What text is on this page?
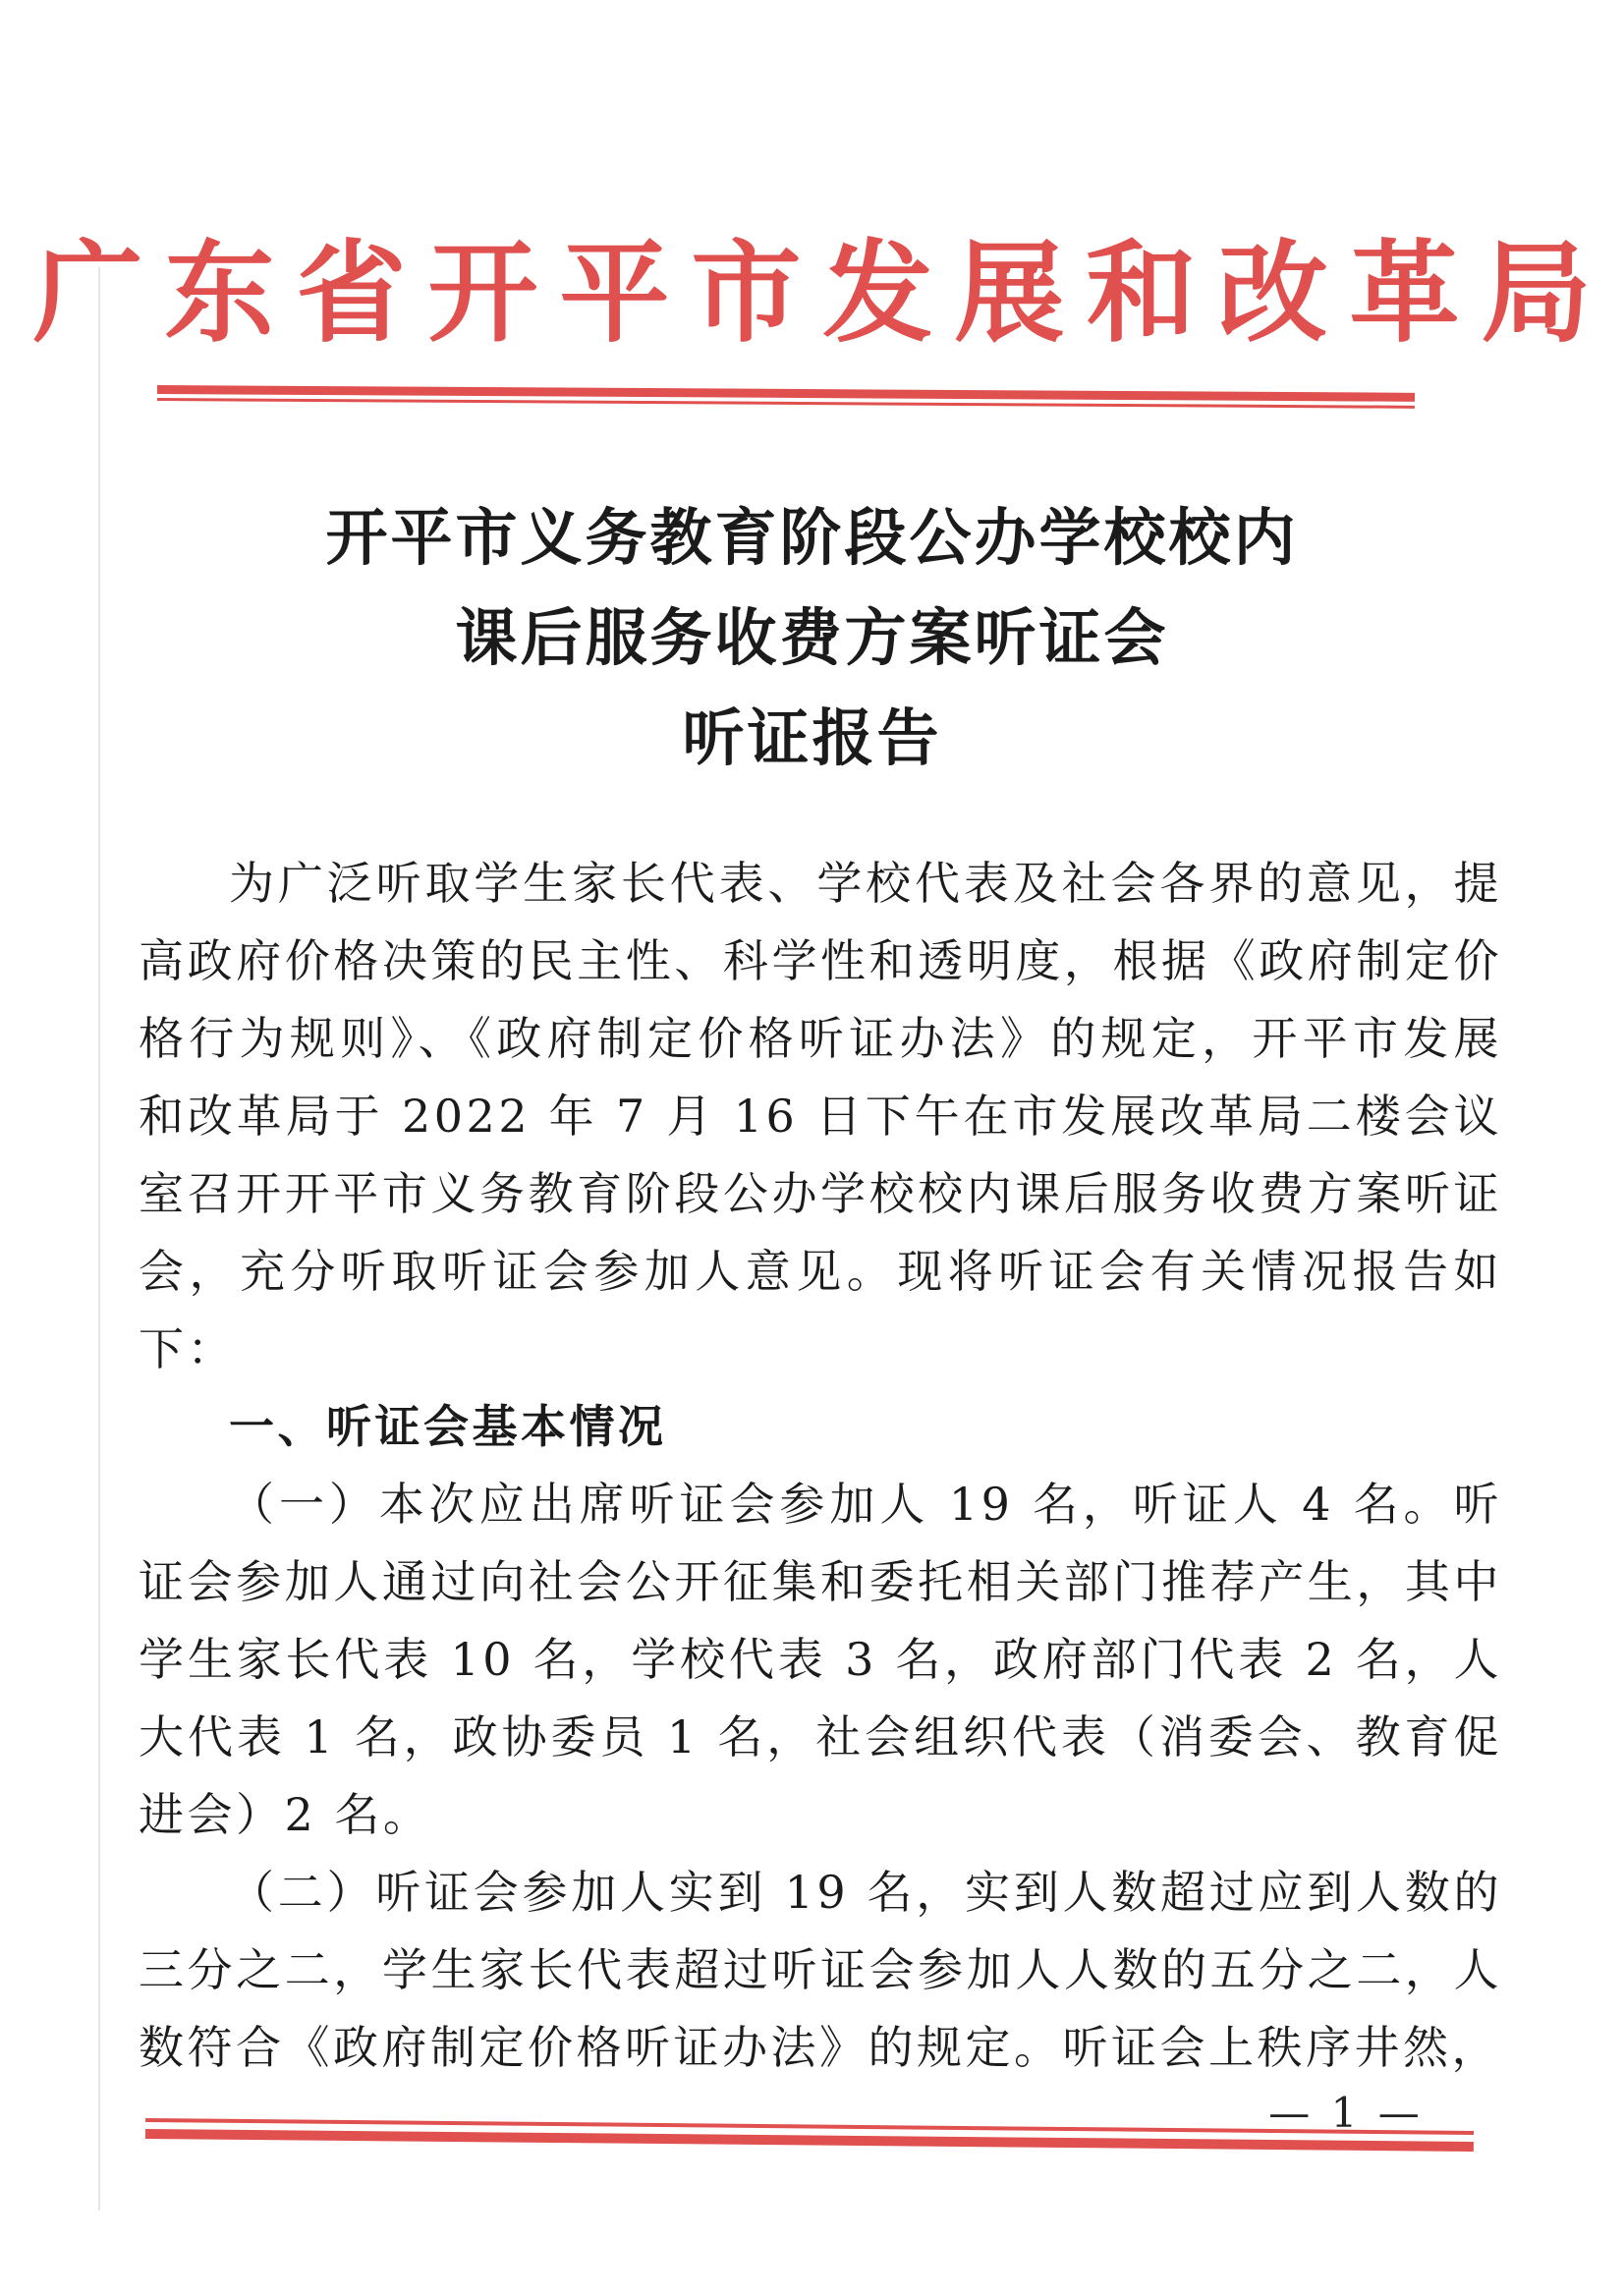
广东省开平市发展和改革局
开平市义务教育阶段公办学校校内
课后服务收费方案听证会
听证报告

为广泛听取学生家长代表、学校代表及社会各界的意见，提高政府价格决策的民主性、科学性和透明度，根据《政府制定价格行为规则》、《政府制定价格听证办法》的规定，开平市发展和改革局于 2022 年 7 月 16 日下午在市发展改革局二楼会议室召开开平市义务教育阶段公办学校校内课后服务收费方案听证会，充分听取听证会参加人意见。现将听证会有关情况报告如下：

一、听证会基本情况

（一）本次应出席听证会参加人 19 名，听证人 4 名。听证会参加人通过向社会公开征集和委托相关部门推荐产生，其中学生家长代表 10 名，学校代表 3 名，政府部门代表 2 名，人大代表 1 名，政协委员 1 名，社会组织代表（消委会、教育促进会）2 名。

（二）听证会参加人实到 19 名，实到人数超过应到人数的三分之二，学生家长代表超过听证会参加人人数的五分之二，人数符合《政府制定价格听证办法》的规定。听证会上秩序井然，

— 1 —
